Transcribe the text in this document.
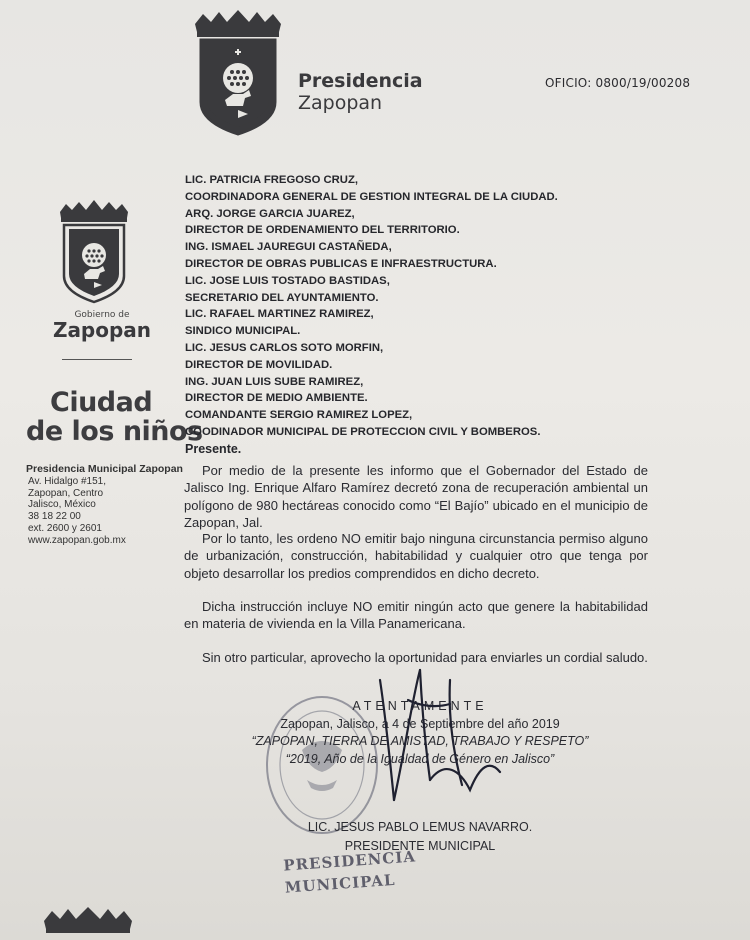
Presidencia
Zapopan
OFICIO: 0800/19/00208
Gobierno de
Zapopan
Ciudad
de los niños
Presidencia Municipal Zapopan
Av. Hidalgo #151,
Zapopan, Centro
Jalisco, México
38 18 22 00
ext. 2600 y 2601
www.zapopan.gob.mx
LIC. PATRICIA FREGOSO CRUZ,
COORDINADORA GENERAL DE GESTION INTEGRAL DE LA CIUDAD.
ARQ. JORGE GARCIA JUAREZ,
DIRECTOR DE ORDENAMIENTO DEL TERRITORIO.
ING. ISMAEL JAUREGUI CASTAÑEDA,
DIRECTOR DE OBRAS PUBLICAS E INFRAESTRUCTURA.
LIC. JOSE LUIS TOSTADO BASTIDAS,
SECRETARIO DEL AYUNTAMIENTO.
LIC. RAFAEL MARTINEZ RAMIREZ,
SINDICO MUNICIPAL.
LIC. JESUS CARLOS SOTO MORFIN,
DIRECTOR DE MOVILIDAD.
ING. JUAN LUIS SUBE RAMIREZ,
DIRECTOR DE MEDIO AMBIENTE.
COMANDANTE SERGIO RAMIREZ LOPEZ,
COODINADOR MUNICIPAL DE PROTECCION CIVIL Y BOMBEROS.
Presente.
Por medio de la presente les informo que el Gobernador del Estado de Jalisco Ing. Enrique Alfaro Ramírez decretó zona de recuperación ambiental un polígono de 980 hectáreas conocido como “El Bajío” ubicado en el municipio de Zapopan, Jal.
Por lo tanto, les ordeno NO emitir bajo ninguna circunstancia permiso alguno de urbanización, construcción, habitabilidad y cualquier otro que tenga por objeto desarrollar los predios comprendidos en dicho decreto.
Dicha instrucción incluye NO emitir ningún acto que genere la habitabilidad en materia de vivienda en la Villa Panamericana.
Sin otro particular, aprovecho la oportunidad para enviarles un cordial saludo.
ATENTAMENTE
Zapopan, Jalisco, a 4 de Septiembre del año 2019
“ZAPOPAN, TIERRA DE AMISTAD, TRABAJO Y RESPETO”
“2019, Año de la Igualdad de Género en Jalisco”
LIC. JESUS PABLO LEMUS NAVARRO.
PRESIDENTE MUNICIPAL
PRESIDENCIA
MUNICIPAL
